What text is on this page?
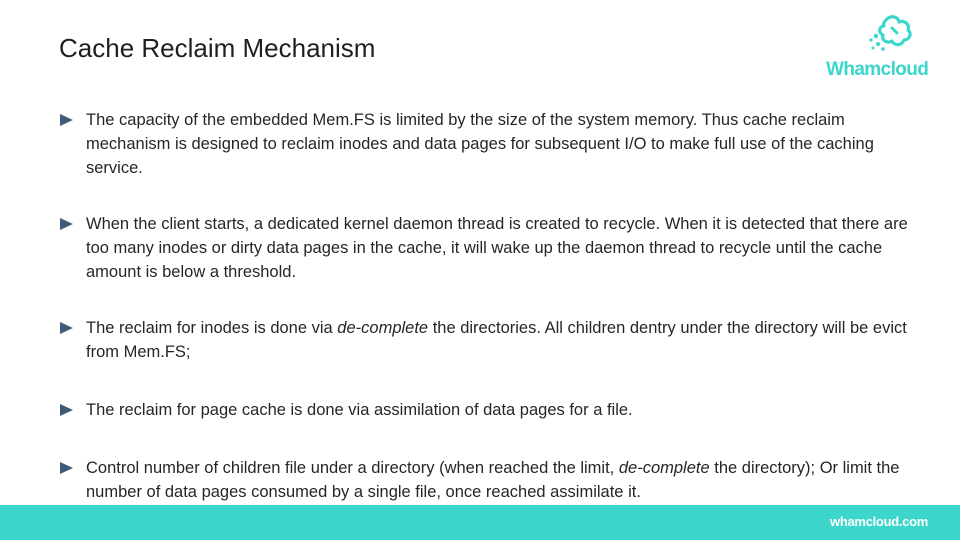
Cache Reclaim Mechanism
Whamcloud
The capacity of the embedded Mem.FS is limited by the size of the system memory. Thus cache reclaim mechanism is designed to reclaim inodes and data pages for subsequent I/O to make full use of the caching service.
When the client starts, a dedicated kernel daemon thread is created to recycle. When it is detected that there are too many inodes or dirty data pages in the cache, it will wake up the daemon thread to recycle until the cache amount is below a threshold.
The reclaim for inodes is done via de-complete the directories. All children dentry under the directory will be evict from Mem.FS;
The reclaim for page cache is done via assimilation of data pages for a file.
Control number of children file under a directory (when reached the limit, de-complete the directory); Or limit the number of data pages consumed by a single file, once reached assimilate it.
whamcloud.com
